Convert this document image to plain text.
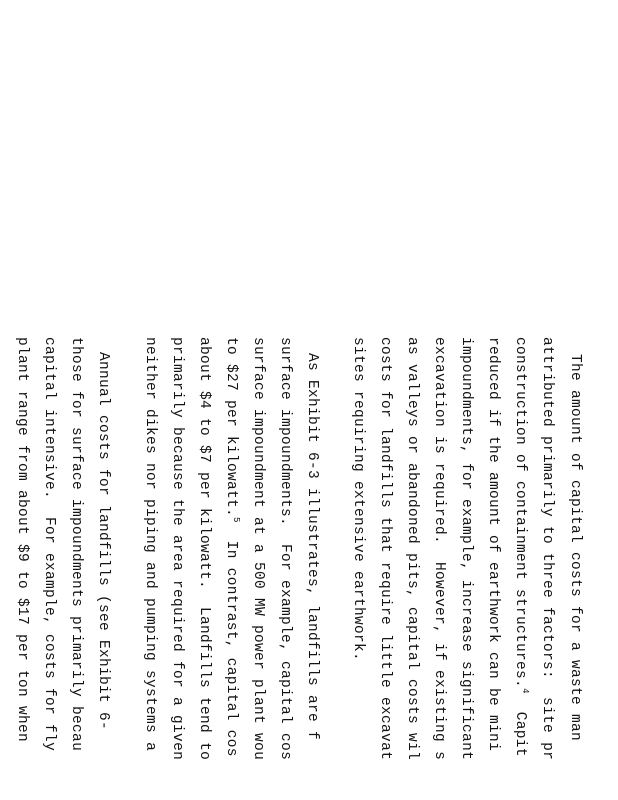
The amount of capital costs for a waste man
attributed primarily to three factors:  site pr
construction of containment structures.$^4$  Capit
reduced if the amount of earthwork can be mini
impoundments, for example, increase significant
excavation is required.  However, if existing s
as valleys or abandoned pits, capital costs wil
costs for landfills that require little excavat
sites requiring extensive earthwork.
As Exhibit 6-3 illustrates, landfills are f
surface impoundments.  For example, capital cos
surface impoundment at a 500 MW power plant wou
to $27 per kilowatt.$^5$  In contrast, capital cos
about $4 to $7 per kilowatt.  Landfills tend to
primarily because the area required for a given
neither dikes nor piping and pumping systems a
Annual costs for landfills (see Exhibit 6-
those for surface impoundments primarily becau
capital intensive.  For example, costs for fly
plant range from about $9 to $17 per ton when
